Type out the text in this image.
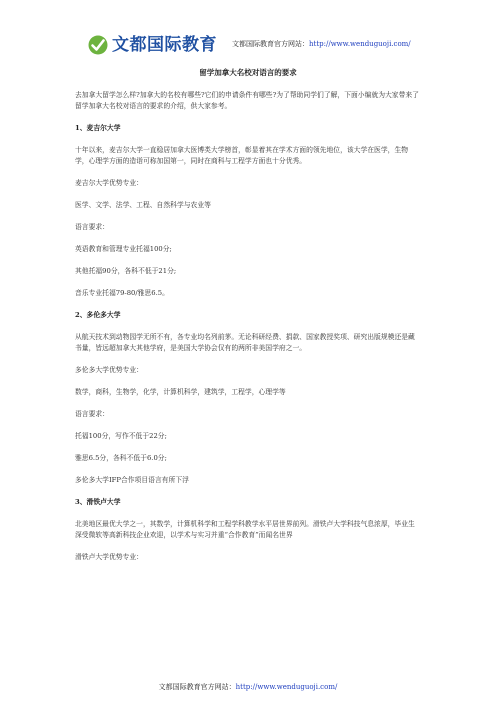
文都国际教育 文都国际教育官方网站：http://www.wenduguoji.com/
留学加拿大名校对语言的要求

去加拿大留学怎么样?加拿大的名校有哪些?它们的申请条件有哪些?为了帮助同学们了解，下面小编就为大家带来了留学加拿大名校对语言的要求的介绍，供大家参考。

1、麦吉尔大学

十年以来，麦吉尔大学一直稳居加拿大医博类大学榜首，彰显着其在学术方面的领先地位，该大学在医学，生物学，心理学方面的造诣可称加国第一，同时在商科与工程学方面也十分优秀。

麦吉尔大学优势专业：

医学、文学、法学、工程、自然科学与农业等

语言要求：

英语教育和管理专业托福100分;

其他托福90分，各科不低于21分;

音乐专业托福79-80/雅思6.5。

2、多伦多大学

从航天技术到动物园学无所不有，各专业均名列前茅。无论科研经费、捐款、国家教授奖项、研究出版规模还是藏书量，皆远超加拿大其他学府，是美国大学协会仅有的两所非美国学府之一。

多伦多大学优势专业：

数学，商科，生物学，化学，计算机科学，建筑学，工程学，心理学等

语言要求：

托福100分，写作不低于22分;

雅思6.5分，各科不低于6.0分;

多伦多大学IFP合作项目语言有所下浮

3、滑铁卢大学

北美地区最优大学之一，其数学，计算机科学和工程学科教学水平居世界前列。滑铁卢大学科技气息浓厚，毕业生深受微软等高新科技企业欢迎，以学术与实习并重“合作教育”而闻名世界

滑铁卢大学优势专业：

文都国际教育官方网站：http://www.wenduguoji.com/
